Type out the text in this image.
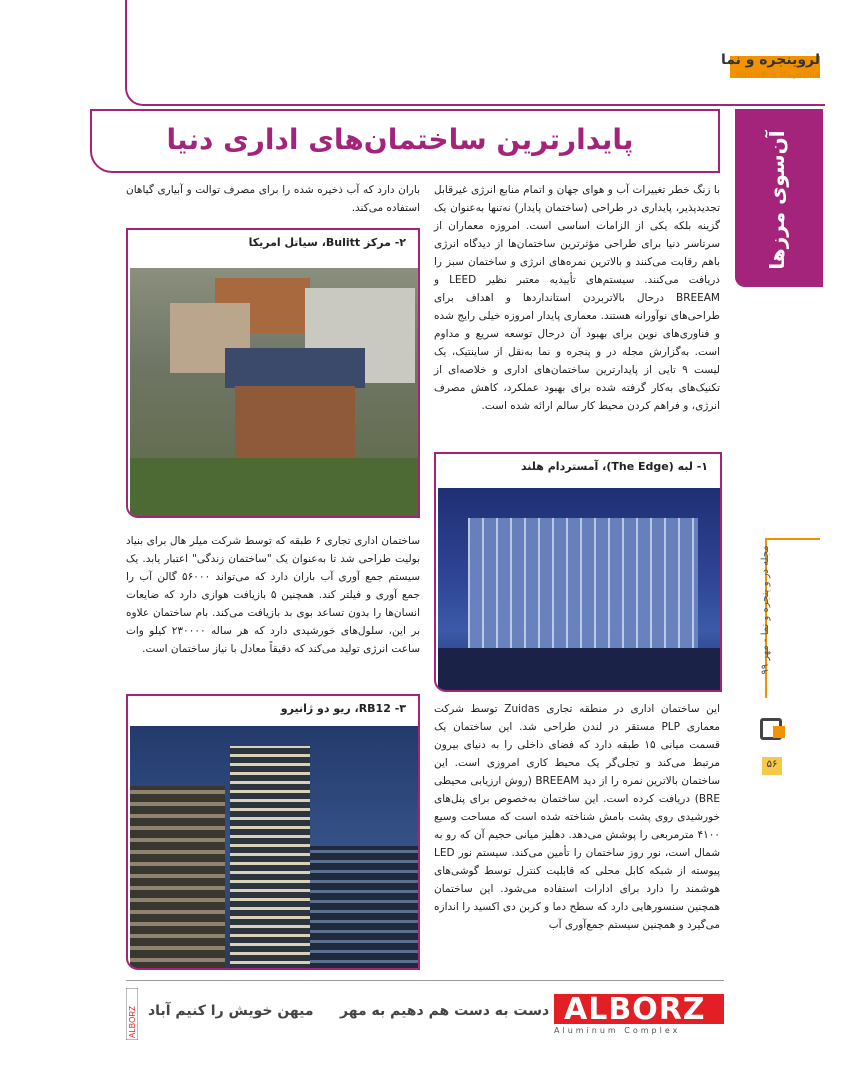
لروینجره و نما
NamaWin Magazine
پایدارترین ساختمان‌های اداری دنیا	آن‌سوی مرزها
مجله در و پنجره و نما - مهر ۹۹
۵۶
با زنگ خطر تغییرات آب و هوای جهان و اتمام منابع انرژی غیرقابل تجدیدپذیر، پایداری در طراحی (ساختمان پایدار) نه‌تنها به‌عنوان یک گزینه بلکه یکی از الزامات اساسی است. امروزه معماران از سرتاسر دنیا برای طراحی مؤثرترین ساختمان‌ها از دیدگاه انرژی باهم رقابت می‌کنند و بالاترین نمره‌های انرژی و ساختمان سبز را دریافت می‌کنند. سیستم‌های تأییدیه معتبر نظیر LEED و BREEAM درحال بالاتربردن استانداردها و اهداف برای طراحی‌های نوآورانه هستند. معماری پایدار امروزه خیلی رایج شده و فناوری‌های نوین برای بهبود آن درحال توسعه سریع و مداوم است. به‌گزارش مجله در و پنجره و نما به‌نقل از ساینتیک، یک لیست ۹ تایی از پایدارترین ساختمان‌های اداری و خلاصه‌ای از تکنیک‌های به‌کار گرفته شده برای بهبود عملکرد، کاهش مصرف انرژی، و فراهم کردن محیط کار سالم ارائه شده است.
باران دارد که آب ذخیره شده را برای مصرف توالت و آبیاری گیاهان استفاده می‌کند.
ساختمان اداری تجاری ۶ طبقه که توسط شرکت میلر هال برای بنیاد بولیت طراحی شد تا به‌عنوان یک "ساختمان زندگی" اعتبار یابد. یک سیستم جمع آوری آب باران دارد که می‌تواند ۵۶۰۰۰ گالن آب را جمع آوری و فیلتر کند. همچنین ۵ بازیافت هوازی دارد که ضایعات انسان‌ها را بدون تساعد بوی بد بازیافت می‌کند. بام ساختمان علاوه بر این، سلول‌های خورشیدی دارد که هر ساله ۲۳۰۰۰۰ کیلو وات ساعت انرژی تولید می‌کند که دقیقاً معادل با نیاز ساختمان است.
این ساختمان اداری در منطقه تجاری Zuidas توسط شرکت معماری PLP مستقر در لندن طراحی شد. این ساختمان یک قسمت میانی ۱۵ طبقه دارد که فضای داخلی را به دنیای بیرون مرتبط می‌کند و تجلی‌گر یک محیط کاری امروزی است. این ساختمان بالاترین نمره را از دید BREEAM (روش ارزیابی محیطی BRE) دریافت کرده است. این ساختمان به‌خصوص برای پنل‌های خورشیدی روی پشت بامش شناخته شده است که مساحت وسیع ۴۱۰۰ مترمربعی را پوشش می‌دهد. دهلیز میانی حجیم آن که رو به شمال است، نور روز ساختمان را تأمین می‌کند. سیستم نور LED پیوسته از شبکه کابل محلی که قابلیت کنترل توسط گوشی‌های هوشمند را دارد برای ادارات استفاده می‌شود. این ساختمان همچنین سنسورهایی دارد که سطح دما و کربن دی اکسید را اندازه می‌گیرد و همچنین سیستم جمع‌آوری آب
۲- مرکز Bulitt، سیاتل امریکا
۱- لبه (The Edge)، آمستردام هلند
۳- RB12، ریو دو ژانیرو
ALBORZ میهن خویش را کنیم آباد دست به دست هم دهیم به مهر ALBORZ
Aluminum Complex
